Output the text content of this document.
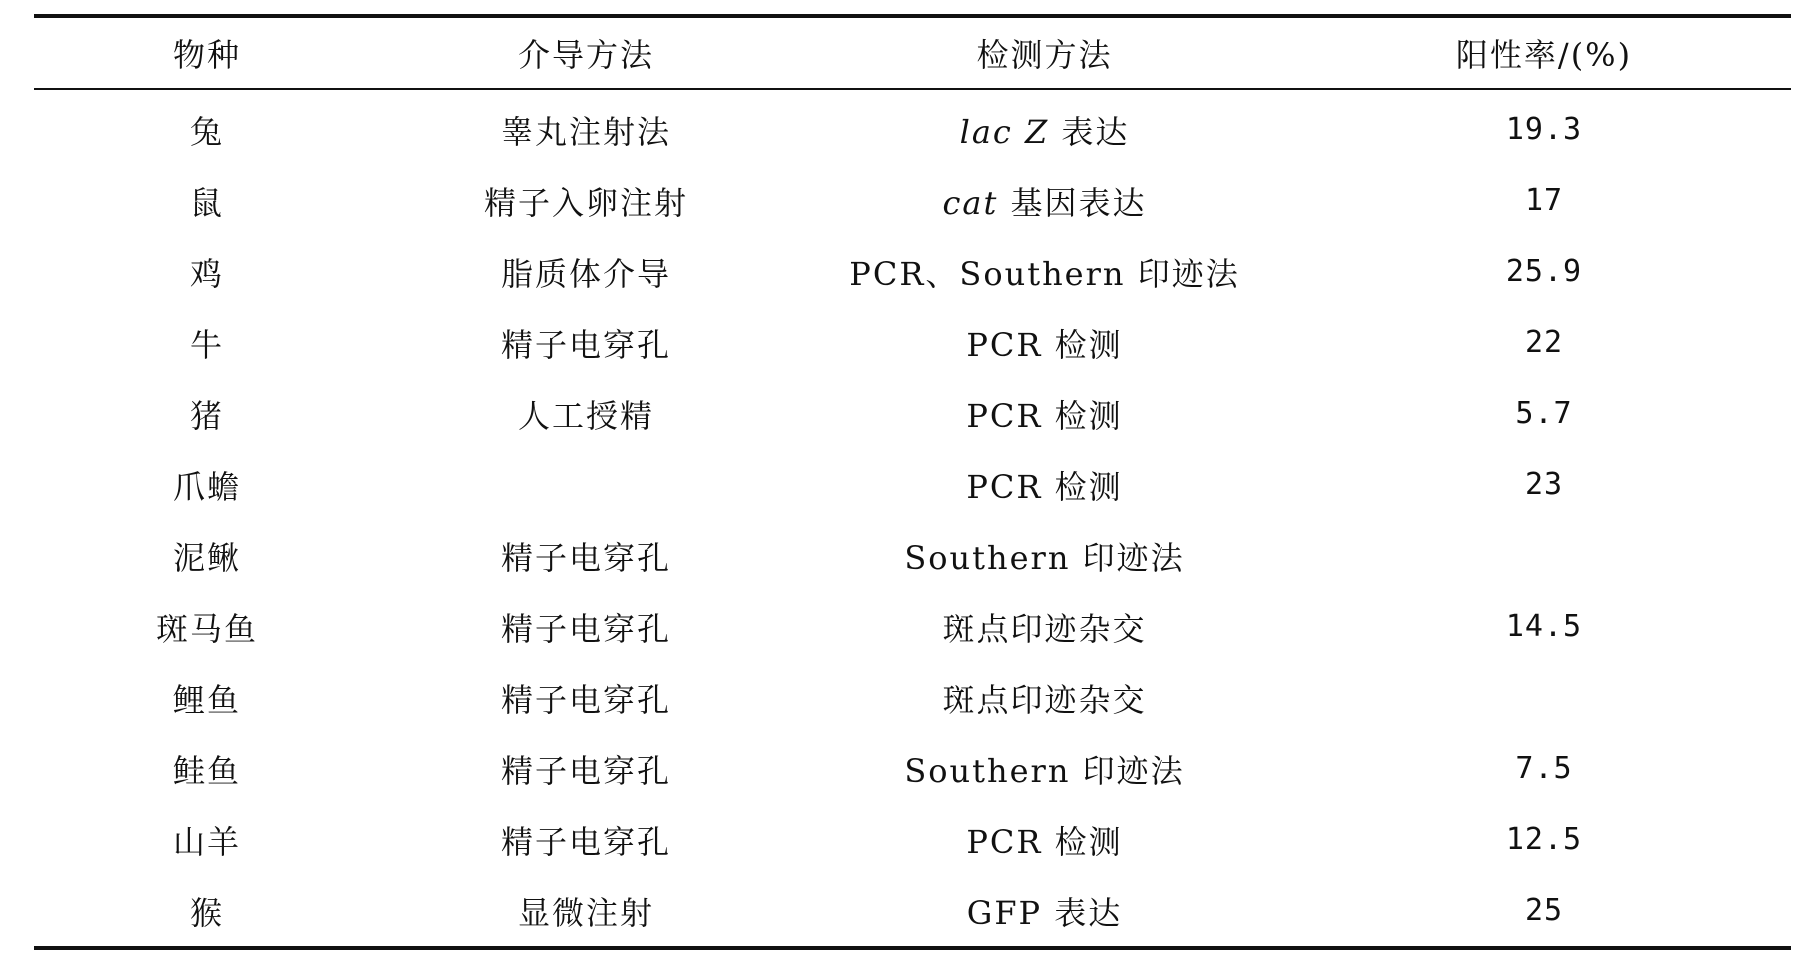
物种	介导方法	检测方法	阳性率/(%)
兔	睾丸注射法	lac Z 表达	19.3
鼠	精子入卵注射	cat 基因表达	17
鸡	脂质体介导	PCR、Southern 印迹法	25.9
牛	精子电穿孔	PCR 检测	22
猪	人工授精	PCR 检测	5.7
爪蟾		PCR 检测	23
泥鳅	精子电穿孔	Southern 印迹法	
斑马鱼	精子电穿孔	斑点印迹杂交	14.5
鲤鱼	精子电穿孔	斑点印迹杂交	
鲑鱼	精子电穿孔	Southern 印迹法	7.5
山羊	精子电穿孔	PCR 检测	12.5
猴	显微注射	GFP 表达	25
